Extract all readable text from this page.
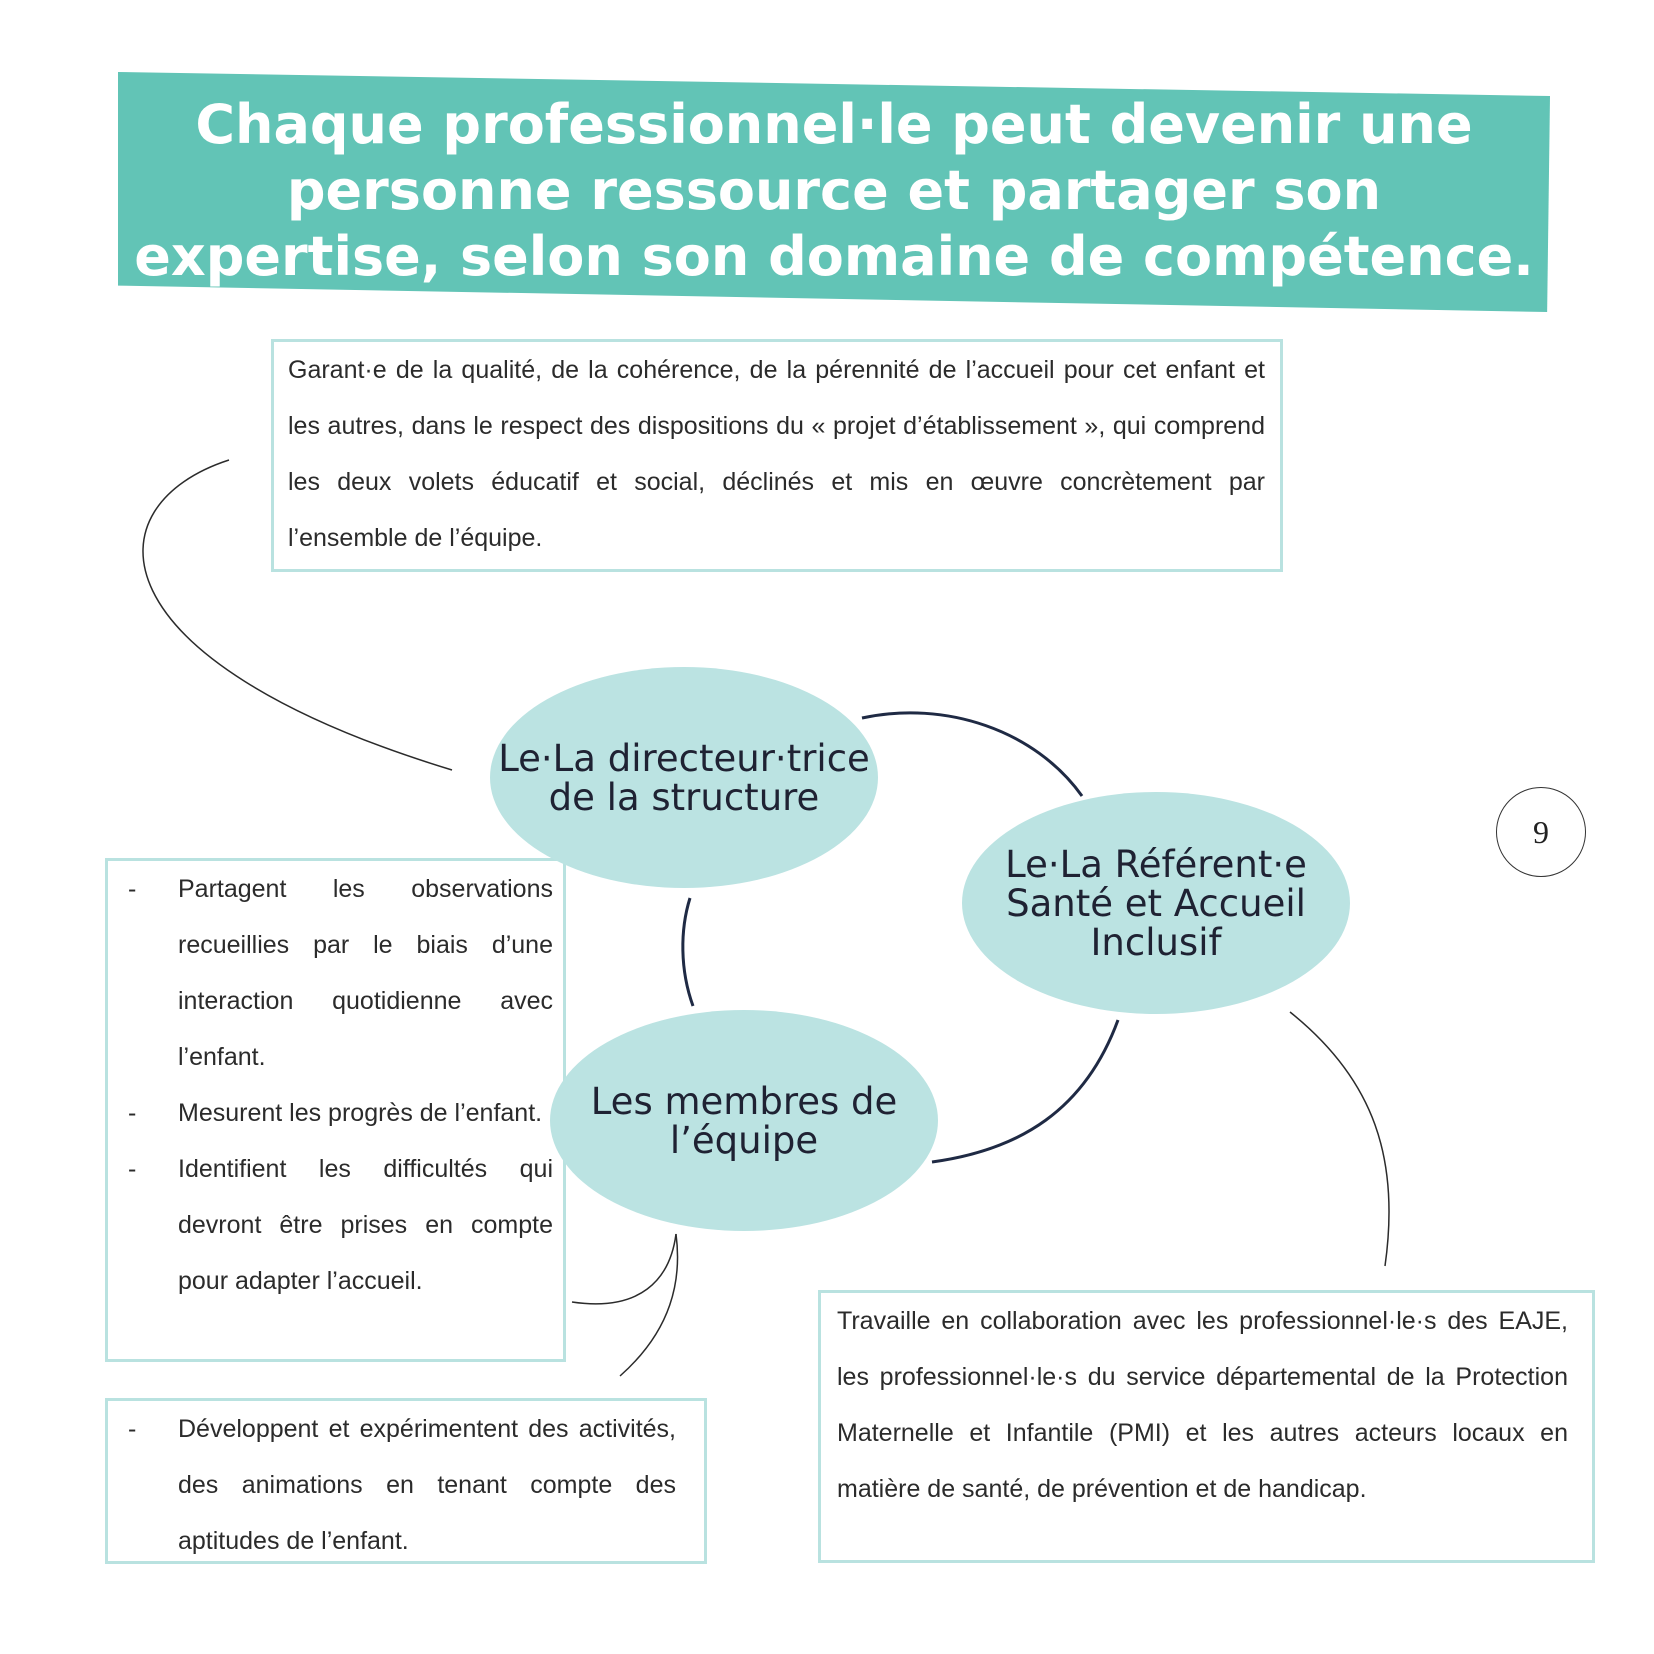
Chaque professionnel·le peut devenir une personne ressource et partager son expertise, selon son domaine de compétence.

Garant·e de la qualité, de la cohérence, de la pérennité de l’accueil pour cet enfant et les autres, dans le respect des dispositions du « projet d’établissement », qui comprend les deux volets éducatif et social, déclinés et mis en œuvre concrètement par l’ensemble de l’équipe.

- Partagent les observations recueillies par le biais d’une interaction quotidienne avec l’enfant.
- Mesurent les progrès de l’enfant.
- Identifient les difficultés qui devront être prises en compte pour adapter l’accueil.
- Développent et expérimentent des activités, des animations en tenant compte des aptitudes de l’enfant.

Travaille en collaboration avec les professionnel·le·s des EAJE, les professionnel·le·s du service départemental de la Protection Maternelle et Infantile (PMI) et les autres acteurs locaux en matière de santé, de prévention et de handicap.

Le·La directeur·trice de la structure
Le·La Référent·e Santé et Accueil Inclusif
Les membres de l’équipe
9
